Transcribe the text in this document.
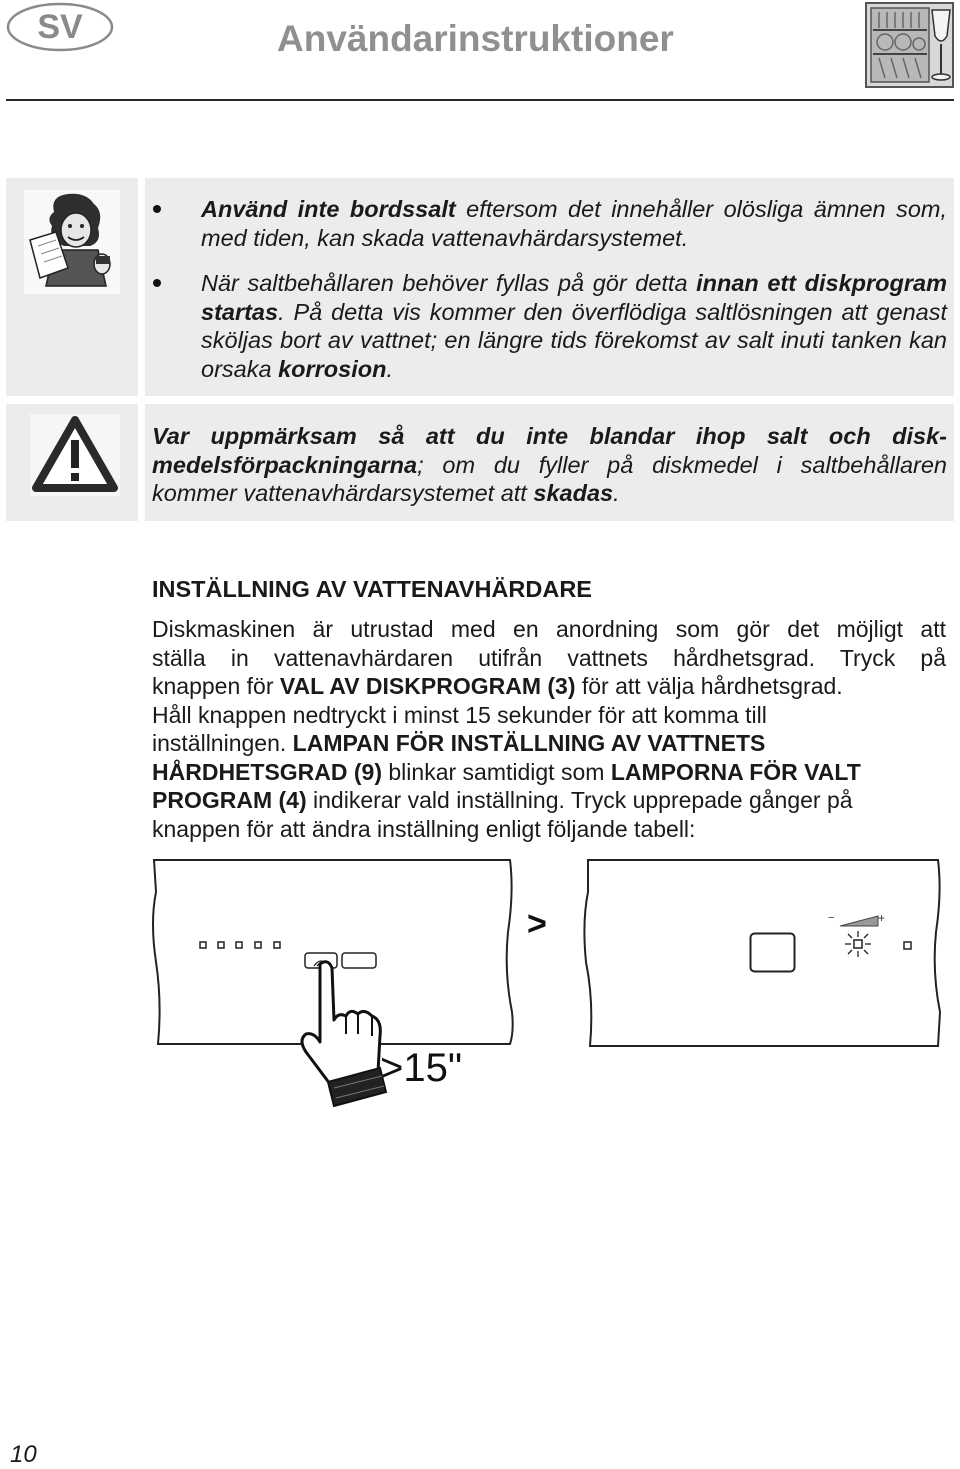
SV	Användarinstruktioner
Använd inte bordssalt eftersom det innehåller olösliga ämnen som, med tiden, kan skada vattenavhärdarsystemet.
När saltbehållaren behöver fyllas på gör detta innan ett diskprogram startas. På detta vis kommer den överflödiga saltlösningen att genast sköljas bort av vattnet; en längre tids förekomst av salt inuti tanken kan orsaka korrosion.
Var uppmärksam så att du inte blandar ihop salt och disk-medelsförpackningarna; om du fyller på diskmedel i saltbehållaren kommer vattenavhärdarsystemet att skadas.
INSTÄLLNING AV VATTENAVHÄRDARE
Diskmaskinen är utrustad med en anordning som gör det möjligt att
ställa in vattenavhärdaren utifrån vattnets hårdhetsgrad. Tryck på
knappen för VAL AV DISKPROGRAM (3) för att välja hårdhetsgrad.
Håll knappen nedtryckt i minst 15 sekunder för att komma till
inställningen. LAMPAN FÖR INSTÄLLNING AV VATTNETS
HÅRDHETSGRAD (9) blinkar samtidigt som LAMPORNA FÖR VALT
PROGRAM (4) indikerar vald inställning. Tryck upprepade gånger på
knappen för att ändra inställning enligt följande tabell:
−	+
>
>15"
10
